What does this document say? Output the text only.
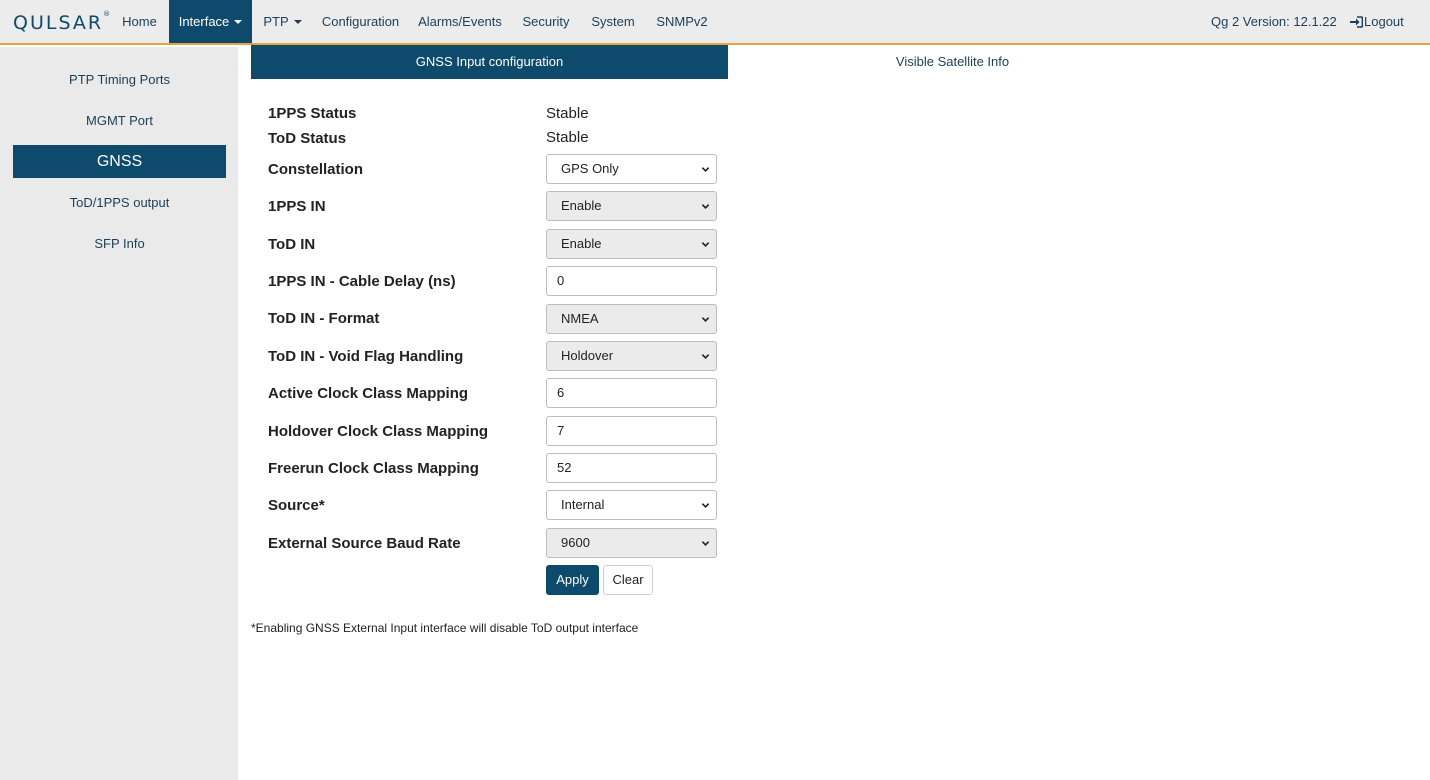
QULSAR®
Home	Interface	PTP	Configuration	Alarms/Events	Security	System	SNMPv2	Qg 2 Version: 12.1.22	Logout
PTP Timing Ports
MGMT Port
GNSS
ToD/1PPS output
SFP Info
GNSS Input configuration	Visible Satellite Info
1PPS Status	Stable
ToD Status	Stable
Constellation	GPS Only
1PPS IN	Enable
ToD IN	Enable
1PPS IN - Cable Delay (ns)	0
ToD IN - Format	NMEA
ToD IN - Void Flag Handling	Holdover
Active Clock Class Mapping	6
Holdover Clock Class Mapping	7
Freerun Clock Class Mapping	52
Source*	Internal
External Source Baud Rate	9600
Apply	Clear
*Enabling GNSS External Input interface will disable ToD output interface
